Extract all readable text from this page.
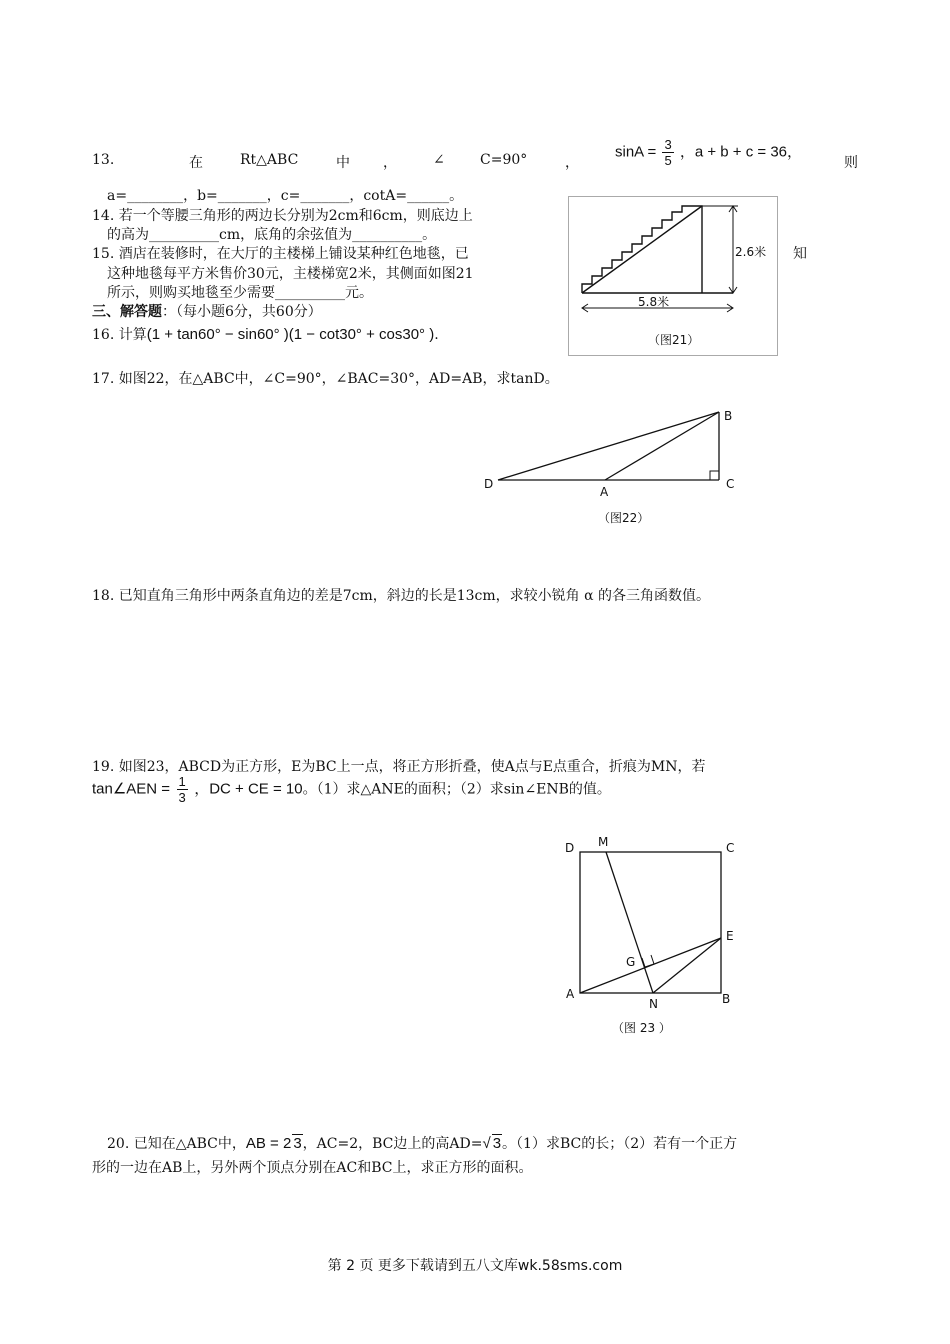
13.	在	Rt△ABC	中 ，	∠	C=90°	，
$\sin A = \frac{3}{5}$ ，a + b + c = 36，
则
a=________，b=_______，c=_______，cotA=______。
14. 若一个等腰三角形的两边长分别为2cm和6cm，则底边上
的高为__________cm，底角的余弦值为__________。
15. 酒店在装修时，在大厅的主楼梯上铺设某种红色地毯，已	知
这种地毯每平方米售价30元，主楼梯宽2米，其侧面如图21
所示，则购买地毯至少需要__________元。
三、解答题：（每小题6分，共60分）
16. 计算(1 + tan60° − sin60° )(1 − cot30° + cos30° ).
2.6米
5.8米
（图21）
17. 如图22，在△ABC中，∠C=90°，∠BAC=30°，AD=AB，求tanD。
D
A
B
C
（图22）
18. 已知直角三角形中两条直角边的差是7cm，斜边的长是13cm，求较小锐角 α 的各三角函数值。
19. 如图23，ABCD为正方形，E为BC上一点，将正方形折叠，使A点与E点重合，折痕为MN，若
tan∠AEN = $\frac{1}{3}$ ，DC + CE = 10。（1）求△ANE的面积；（2）求sin∠ENB的值。
D M	C
E
G
A
N	B
（图 23 ）
20. 已知在△ABC中，AB = 2 3，AC=2，BC边上的高AD=√ 3。（1）求BC的长；（2）若有一个正方
形的一边在AB上，另外两个顶点分别在AC和BC上，求正方形的面积。
第 2 页 更多下载请到五八文库wk.58sms.com
